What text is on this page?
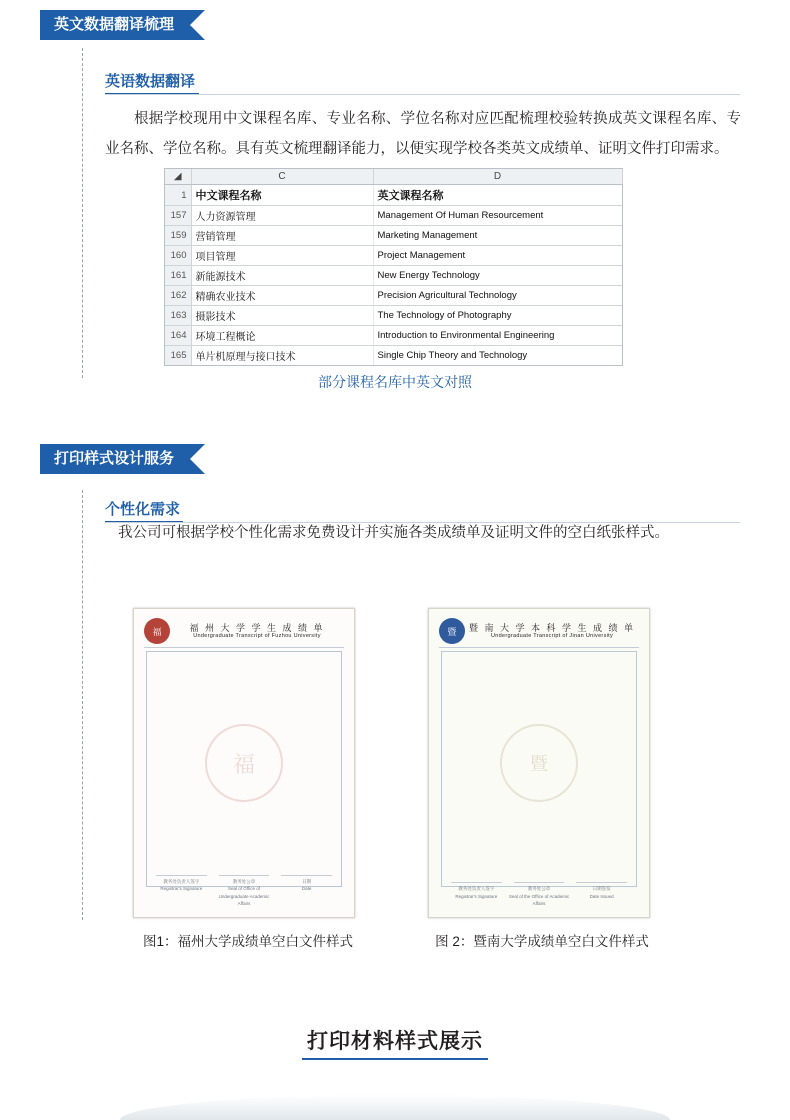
英文数据翻译梳理
英语数据翻译
根据学校现用中文课程名库、专业名称、学位名称对应匹配梳理校验转换成英文课程名库、专业名称、学位名称。具有英文梳理翻译能力，以便实现学校各类英文成绩单、证明文件打印需求。
◢	C	D
1	中文课程名称	英文课程名称
157	人力资源管理	Management Of Human Resourcement
159	营销管理	Marketing Management
160	项目管理	Project Management
161	新能源技术	New Energy Technology
162	精确农业技术	Precision Agricultural Technology
163	摄影技术	The Technology of Photography
164	环境工程概论	Introduction to Environmental Engineering
165	单片机原理与接口技术	Single Chip Theory and Technology
部分课程名库中英文对照
打印样式设计服务
个性化需求
我公司可根据学校个性化需求免费设计并实施各类成绩单及证明文件的空白纸张样式。
福	福 州 大 学 学 生 成 绩 单
Undergraduate Transcript of Fuzhou University
福
教务处负责人签字
Registrar's Signature
教务处公章
Seal of Office of Undergraduate Academic Affairs
日期
Date
图1：福州大学成绩单空白文件样式
暨	暨 南 大 学 本 科 学 生 成 绩 单
Undergraduate Transcript of Jinan University
暨
教务处负责人签字
Registrar's Signature
教务处公章
Seal of the Office of Academic Affairs
日期签发
Date Issued
图 2：暨南大学成绩单空白文件样式
打印材料样式展示
